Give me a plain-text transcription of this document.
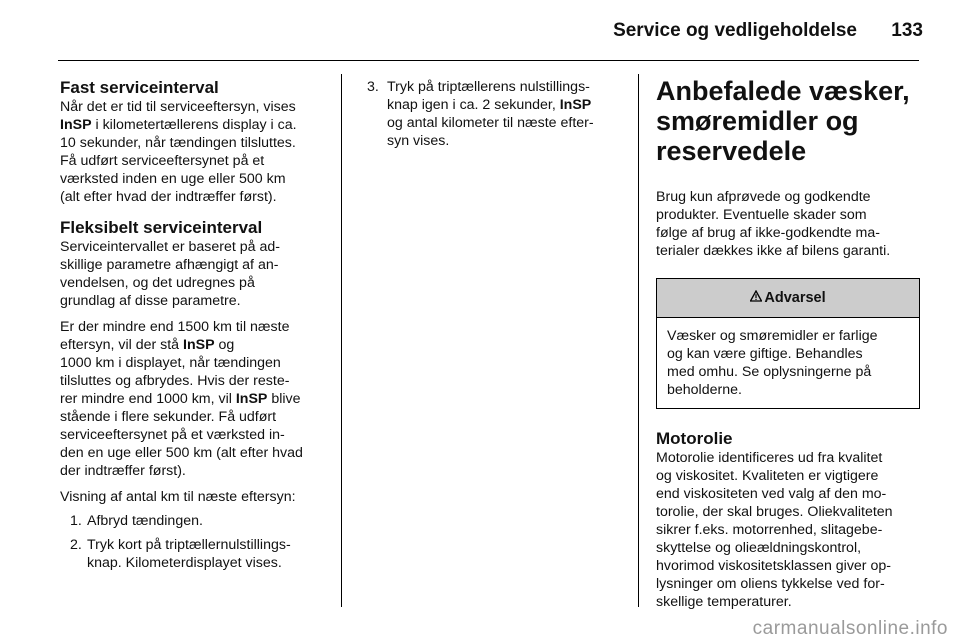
Service og vedligeholdelse 133
Fast serviceinterval

Når det er tid til serviceeftersyn, vises
InSP i kilometertællerens display i ca.
10 sekunder, når tændingen tilsluttes.
Få udført serviceeftersynet på et
værksted inden en uge eller 500 km
(alt efter hvad der indtræffer først).

Fleksibelt serviceinterval

Serviceintervallet er baseret på ad‐
skillige parametre afhængigt af an‐
vendelsen, og det udregnes på
grundlag af disse parametre.

Er der mindre end 1500 km til næste
eftersyn, vil der stå InSP og
1000 km i displayet, når tændingen
tilsluttes og afbrydes. Hvis der reste‐
rer mindre end 1000 km, vil InSP blive
stående i flere sekunder. Få udført
serviceeftersynet på et værksted in‐
den en uge eller 500 km (alt efter hvad
der indtræffer først).

Visning af antal km til næste eftersyn:

1. Afbryd tændingen.
2. Tryk kort på triptællernulstillings‐
knap. Kilometerdisplayet vises.
3. Tryk på triptællerens nulstillings‐
knap igen i ca. 2 sekunder, InSP
og antal kilometer til næste efter‐
syn vises.
Anbefalede væsker,
smøremidler og
reservedele

Brug kun afprøvede og godkendte
produkter. Eventuelle skader som
følge af brug af ikke-godkendte ma‐
terialer dækkes ikke af bilens garanti.

Advarsel
Væsker og smøremidler er farlige
og kan være giftige. Behandles
med omhu. Se oplysningerne på
beholderne.
Motorolie

Motorolie identificeres ud fra kvalitet
og viskositet. Kvaliteten er vigtigere
end viskositeten ved valg af den mo‐
torolie, der skal bruges. Oliekvaliteten
sikrer f.eks. motorrenhed, slitagebe‐
skyttelse og olieældningskontrol,
hvorimod viskositetsklassen giver op‐
lysninger om oliens tykkelse ved for‐
skellige temperaturer.

carmanualsonline.info
